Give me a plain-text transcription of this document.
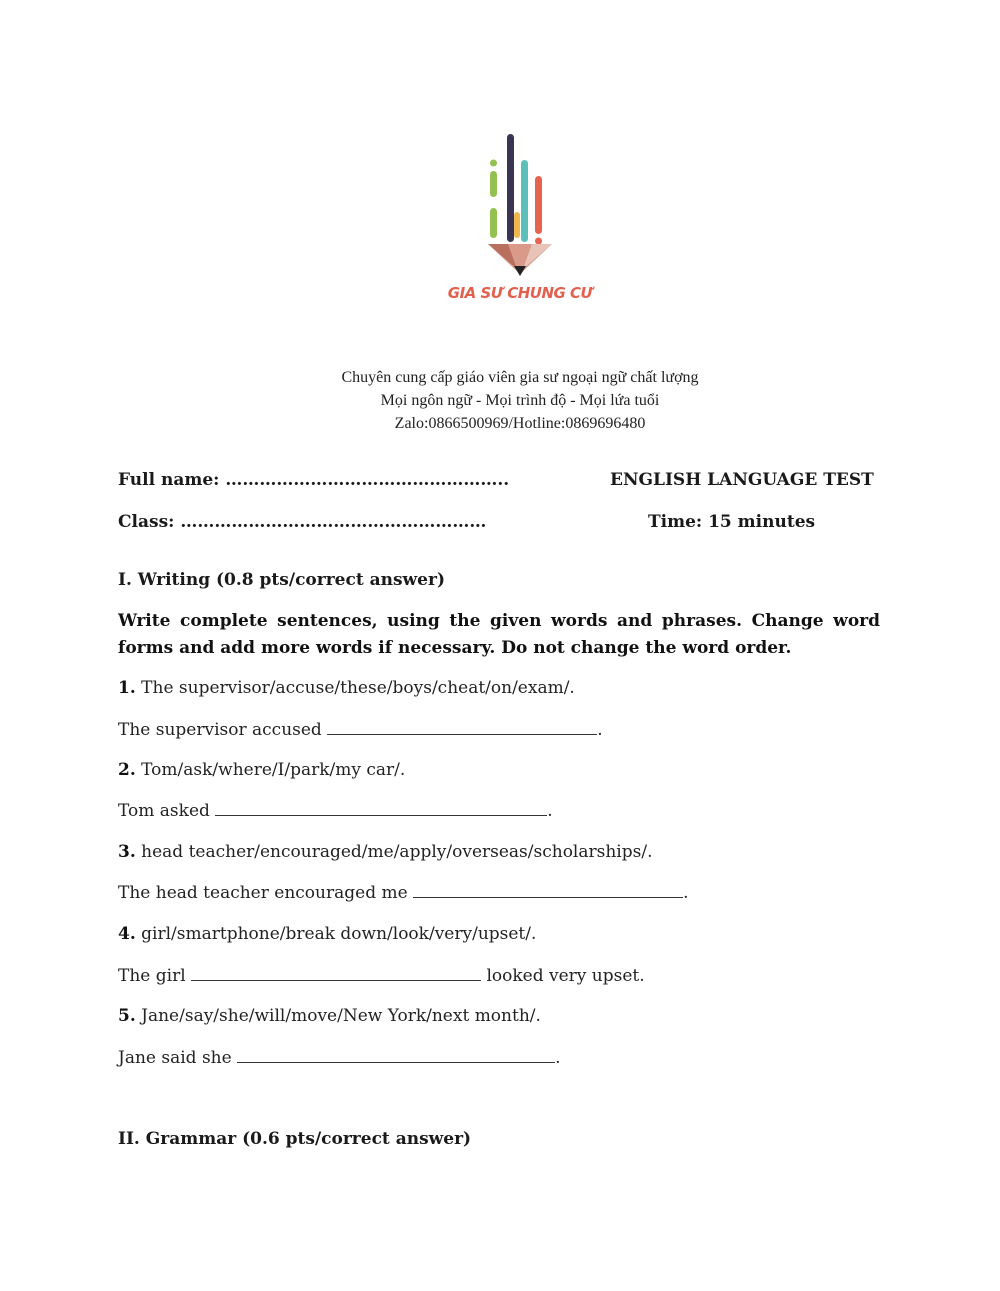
GIA SƯ CHUNG CƯ
Chuyên cung cấp giáo viên gia sư ngoại ngữ chất lượng
Mọi ngôn ngữ - Mọi trình độ - Mọi lứa tuổi
Zalo:0866500969/Hotline:0869696480
Full name: …………………………………………..	ENGLISH LANGUAGE TEST
Class: ………………………………………………	Time: 15 minutes
I. Writing (0.8 pts/correct answer)
Write complete sentences, using the given words and phrases. Change word forms and add more words if necessary. Do not change the word order.
1. The supervisor/accuse/these/boys/cheat/on/exam/.
The supervisor accused	.
2. Tom/ask/where/I/park/my car/.
Tom asked	.
3. head teacher/encouraged/me/apply/overseas/scholarships/.
The head teacher encouraged me	.
4. girl/smartphone/break down/look/very/upset/.
The girl	looked very upset.
5. Jane/say/she/will/move/New York/next month/.
Jane said she	.
II. Grammar (0.6 pts/correct answer)
